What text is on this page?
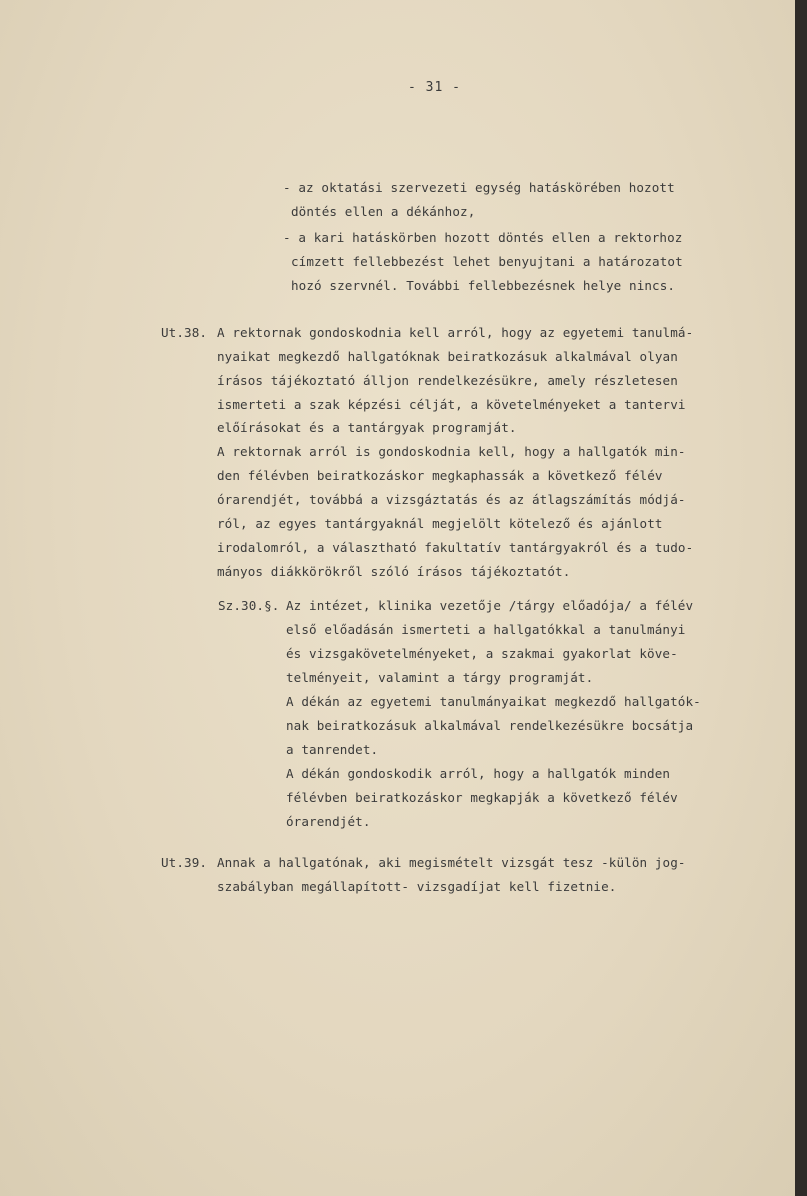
- 31 -
- az oktatási szervezeti egység hatáskörében hozott
döntés ellen a dékánhoz,
- a kari hatáskörben hozott döntés ellen a rektorhoz
címzett fellebbezést lehet benyujtani a határozatot
hozó szervnél. További fellebbezésnek helye nincs.
Ut.38. A rektornak gondoskodnia kell arról, hogy az egyetemi tanulmá-
nyaikat megkezdő hallgatóknak beiratkozásuk alkalmával olyan
írásos tájékoztató álljon rendelkezésükre, amely részletesen
ismerteti a szak képzési célját, a követelményeket a tantervi
előírásokat és a tantárgyak programját.
A rektornak arról is gondoskodnia kell, hogy a hallgatók min-
den félévben beiratkozáskor megkaphassák a következő félév
órarendjét, továbbá a vizsgáztatás és az átlagszámítás módjá-
ról, az egyes tantárgyaknál megjelölt kötelező és ajánlott
irodalomról, a választható fakultatív tantárgyakról és a tudo-
mányos diákkörökről szóló írásos tájékoztatót.
Sz.30.§. Az intézet, klinika vezetője /tárgy előadója/ a félév
első előadásán ismerteti a hallgatókkal a tanulmányi
és vizsgakövetelményeket, a szakmai gyakorlat köve-
telményeit, valamint a tárgy programját.
A dékán az egyetemi tanulmányaikat megkezdő hallgatók-
nak beiratkozásuk alkalmával rendelkezésükre bocsátja
a tanrendet.
A dékán gondoskodik arról, hogy a hallgatók minden
félévben beiratkozáskor megkapják a következő félév
órarendjét.
Ut.39. Annak a hallgatónak, aki megismételt vizsgát tesz -külön jog-
szabályban megállapított- vizsgadíjat kell fizetnie.
